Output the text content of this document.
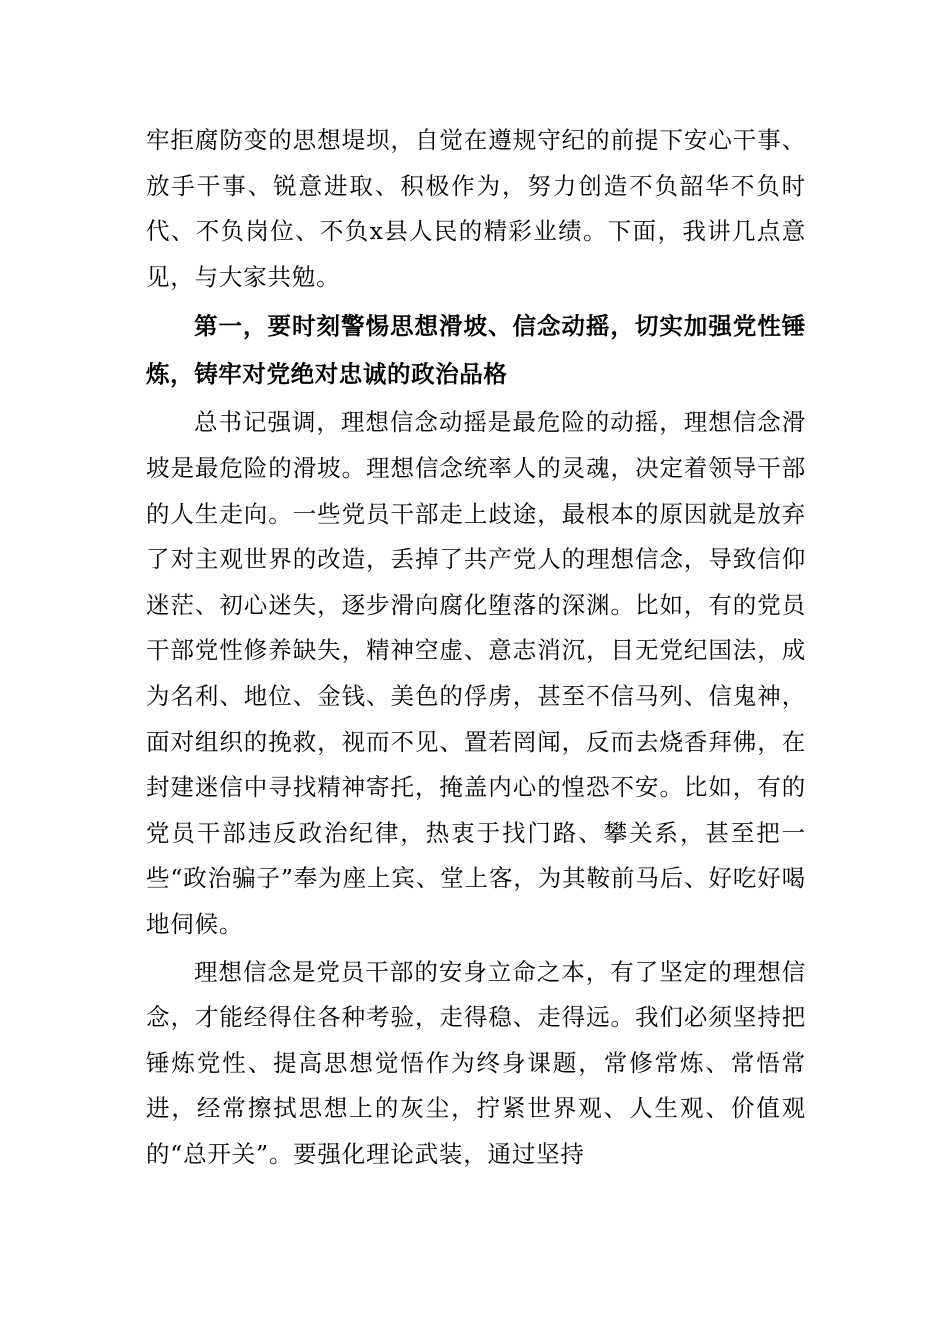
牢拒腐防变的思想堤坝，自觉在遵规守纪的前提下安心干事、放手干事、锐意进取、积极作为，努力创造不负韶华不负时代、不负岗位、不负x县人民的精彩业绩。下面，我讲几点意见，与大家共勉。

第一，要时刻警惕思想滑坡、信念动摇，切实加强党性锤炼，铸牢对党绝对忠诚的政治品格

总书记强调，理想信念动摇是最危险的动摇，理想信念滑坡是最危险的滑坡。理想信念统率人的灵魂，决定着领导干部的人生走向。一些党员干部走上歧途，最根本的原因就是放弃了对主观世界的改造，丢掉了共产党人的理想信念，导致信仰迷茫、初心迷失，逐步滑向腐化堕落的深渊。比如，有的党员干部党性修养缺失，精神空虚、意志消沉，目无党纪国法，成为名利、地位、金钱、美色的俘虏，甚至不信马列、信鬼神，面对组织的挽救，视而不见、置若罔闻，反而去烧香拜佛，在封建迷信中寻找精神寄托，掩盖内心的惶恐不安。比如，有的党员干部违反政治纪律，热衷于找门路、攀关系，甚至把一些“政治骗子”奉为座上宾、堂上客，为其鞍前马后、好吃好喝地伺候。

理想信念是党员干部的安身立命之本，有了坚定的理想信念，才能经得住各种考验，走得稳、走得远。我们必须坚持把锤炼党性、提高思想觉悟作为终身课题，常修常炼、常悟常进，经常擦拭思想上的灰尘，拧紧世界观、人生观、价值观的“总开关”。要强化理论武装，通过坚持
